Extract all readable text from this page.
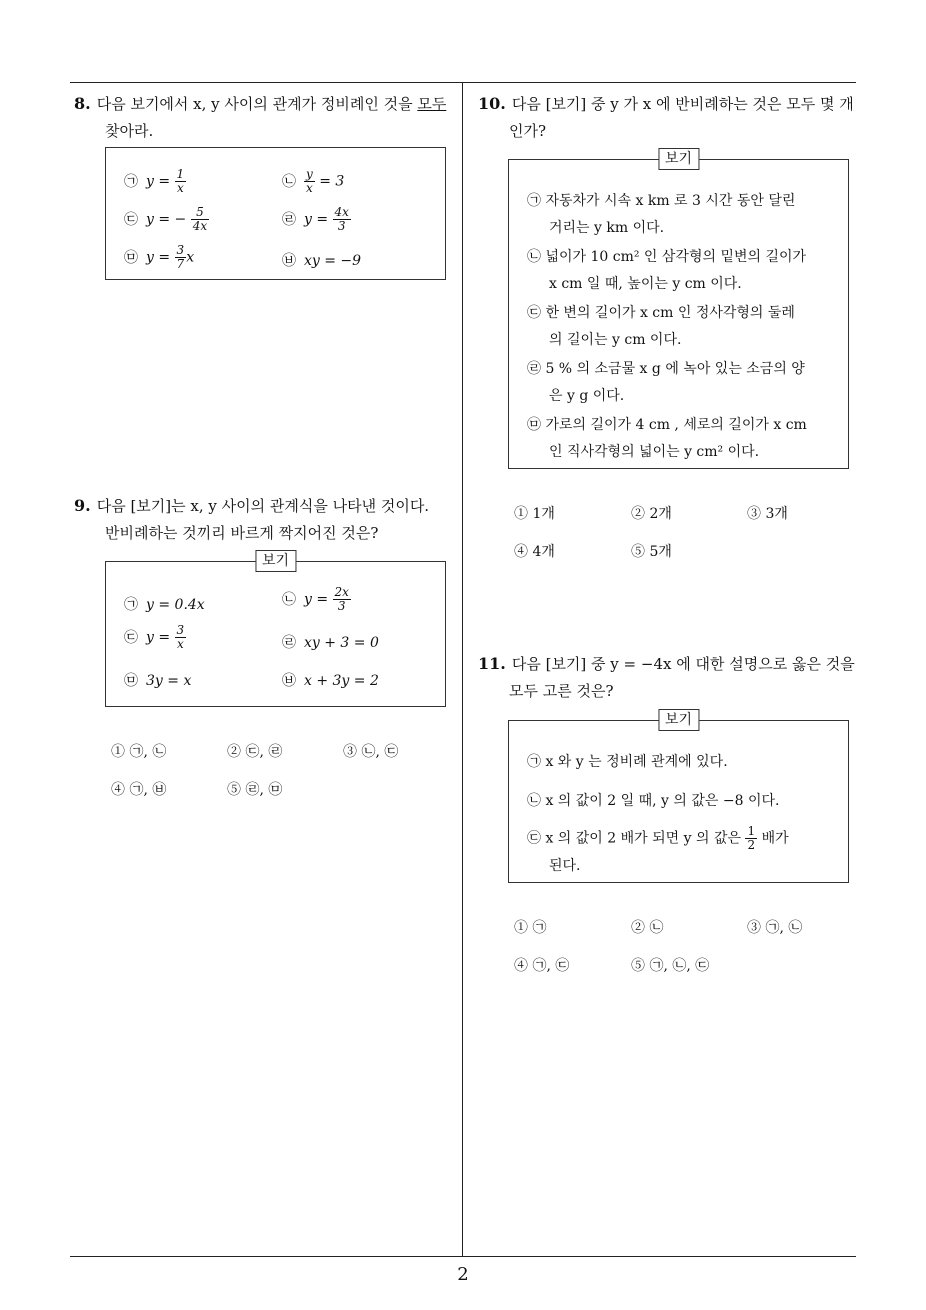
2
8. 다음 보기에서 x, y 사이의 관계가 정비례인 것을 모두
찾아라.
㉠ $y = \frac{1}{x}$	㉡ $\frac{y}{x} = 3$
㉢ y = − $\frac{5}{4x}$	㉣ $y = \frac{4x}{3}$
㉤ $y = \frac{3}{7}$ x	㉥ xy = −9
9. 다음 [보기]는 x, y 사이의 관계식을 나타낸 것이다.
반비례하는 것끼리 바르게 짝지어진 것은?
보기
㉠ y = 0.4x	㉡ $y = \frac{2x}{3}$
㉢ $y = \frac{3}{x}$	㉣ xy + 3 = 0
㉤ 3y = x	㉥ x + 3y = 2
① ㉠, ㉡	② ㉢, ㉣	③ ㉡, ㉢
④ ㉠, ㉥	⑤ ㉣, ㉤
10. 다음 [보기] 중 y 가 x 에 반비례하는 것은 모두 몇 개
인가?
보기
㉠ 자동차가 시속 x km 로 3 시간 동안 달린
거리는 y km 이다.
㉡ 넓이가 10 cm² 인 삼각형의 밑변의 길이가
x cm 일 때, 높이는 y cm 이다.
㉢ 한 변의 길이가 x cm 인 정사각형의 둘레
의 길이는 y cm 이다.
㉣ 5 % 의 소금물 x g 에 녹아 있는 소금의 양
은 y g 이다.
㉤ 가로의 길이가 4 cm , 세로의 길이가 x cm
인 직사각형의 넓이는 y cm² 이다.
① 1개	② 2개	③ 3개
④ 4개	⑤ 5개
11. 다음 [보기] 중 y = −4x 에 대한 설명으로 옳은 것을
모두 고른 것은?
보기
㉠ x 와 y 는 정비례 관계에 있다.
㉡ x 의 값이 2 일 때, y 의 값은 −8 이다.
㉢ x 의 값이 2 배가 되면 y 의 값은 $\frac{1}{2}$ 배가
된다.
① ㉠	② ㉡	③ ㉠, ㉡
④ ㉠, ㉢	⑤ ㉠, ㉡, ㉢
